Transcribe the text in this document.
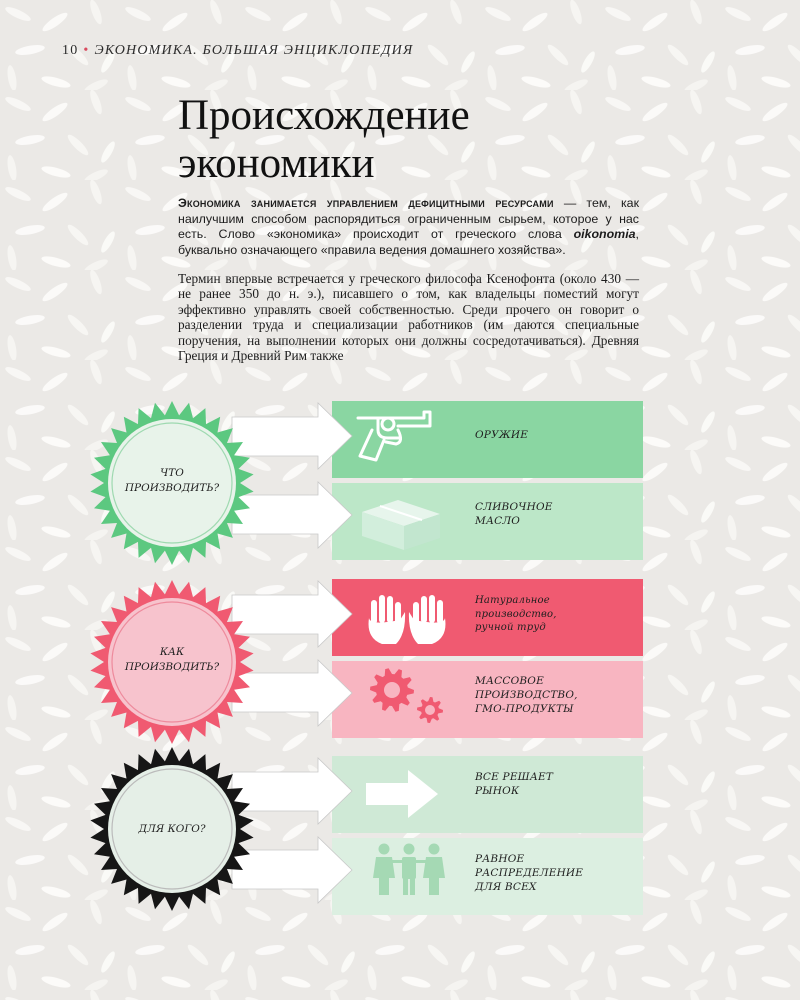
10 • ЭКОНОМИКА. БОЛЬШАЯ ЭНЦИКЛОПЕДИЯ
Происхождение
экономики

Экономика занимается управлением дефицитными ресурсами — тем, как наилучшим способом распорядиться ограниченным сырьем, которое у нас есть. Слово «экономика» происходит от греческого слова oikonomia, буквально означающего «правила ведения домашнего хозяйства».

Термин впервые встречается у греческого философа Ксенофонта (около 430 — не ранее 350 до н. э.), писавшего о том, как владельцы поместий могут эффективно управлять своей собственностью. Среди прочего он говорит о разделении труда и специализации работников (им даются специальные поручения, на выполнении которых они должны сосредотачиваться). Древняя Греция и Древний Рим также

ЧТО ПРОИЗВОДИТЬ?
КАК ПРОИЗВОДИТЬ?
ДЛЯ КОГО?
ОРУЖИЕ
СЛИВОЧНОЕ МАСЛО
Натуральное производство, ручной труд
МАССОВОЕ ПРОИЗВОДСТВО, ГМО-ПРОДУКТЫ
ВСЕ РЕШАЕТ РЫНОК
РАВНОЕ РАСПРЕДЕЛЕНИЕ ДЛЯ ВСЕХ
